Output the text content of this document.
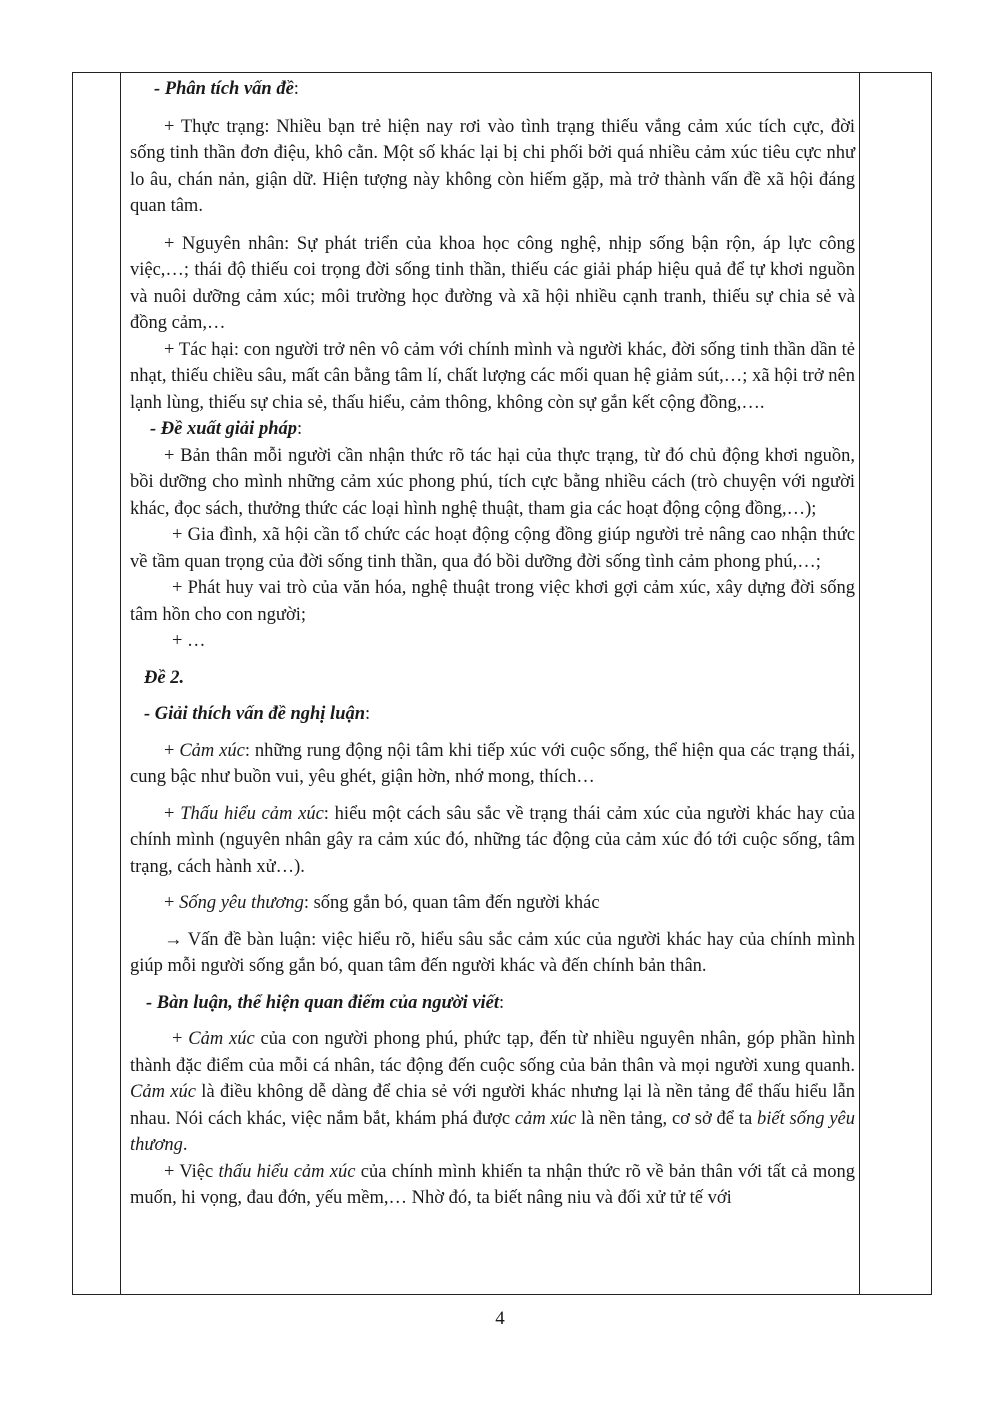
- Phân tích vấn đề:

+ Thực trạng: Nhiều bạn trẻ hiện nay rơi vào tình trạng thiếu vắng cảm xúc tích cực, đời sống tinh thần đơn điệu, khô cằn. Một số khác lại bị chi phối bởi quá nhiều cảm xúc tiêu cực như lo âu, chán nản, giận dữ. Hiện tượng này không còn hiếm gặp, mà trở thành vấn đề xã hội đáng quan tâm.

+ Nguyên nhân: Sự phát triển của khoa học công nghệ, nhịp sống bận rộn, áp lực công việc,…; thái độ thiếu coi trọng đời sống tinh thần, thiếu các giải pháp hiệu quả để tự khơi nguồn và nuôi dưỡng cảm xúc; môi trường học đường và xã hội nhiều cạnh tranh, thiếu sự chia sẻ và đồng cảm,…

+ Tác hại: con người trở nên vô cảm với chính mình và người khác, đời sống tinh thần dần tẻ nhạt, thiếu chiều sâu, mất cân bằng tâm lí, chất lượng các mối quan hệ giảm sút,…; xã hội trở nên lạnh lùng, thiếu sự chia sẻ, thấu hiểu, cảm thông, không còn sự gắn kết cộng đồng,….

- Đề xuất giải pháp:

+ Bản thân mỗi người cần nhận thức rõ tác hại của thực trạng, từ đó chủ động khơi nguồn, bồi dưỡng cho mình những cảm xúc phong phú, tích cực bằng nhiều cách (trò chuyện với người khác, đọc sách, thưởng thức các loại hình nghệ thuật, tham gia các hoạt động cộng đồng,…);

+ Gia đình, xã hội cần tổ chức các hoạt động cộng đồng giúp người trẻ nâng cao nhận thức về tầm quan trọng của đời sống tinh thần, qua đó bồi dưỡng đời sống tình cảm phong phú,…;

+ Phát huy vai trò của văn hóa, nghệ thuật trong việc khơi gợi cảm xúc, xây dựng đời sống tâm hồn cho con người;

+ …

Đề 2.

- Giải thích vấn đề nghị luận:

+ Cảm xúc: những rung động nội tâm khi tiếp xúc với cuộc sống, thể hiện qua các trạng thái, cung bậc như buồn vui, yêu ghét, giận hờn, nhớ mong, thích…

+ Thấu hiểu cảm xúc: hiểu một cách sâu sắc về trạng thái cảm xúc của người khác hay của chính mình (nguyên nhân gây ra cảm xúc đó, những tác động của cảm xúc đó tới cuộc sống, tâm trạng, cách hành xử…).

+ Sống yêu thương: sống gắn bó, quan tâm đến người khác

→ Vấn đề bàn luận: việc hiểu rõ, hiểu sâu sắc cảm xúc của người khác hay của chính mình giúp mỗi người sống gắn bó, quan tâm đến người khác và đến chính bản thân.

- Bàn luận, thể hiện quan điểm của người viết:

+ Cảm xúc của con người phong phú, phức tạp, đến từ nhiều nguyên nhân, góp phần hình thành đặc điểm của mỗi cá nhân, tác động đến cuộc sống của bản thân và mọi người xung quanh. Cảm xúc là điều không dễ dàng để chia sẻ với người khác nhưng lại là nền tảng để thấu hiểu lẫn nhau. Nói cách khác, việc nắm bắt, khám phá được cảm xúc là nền tảng, cơ sở để ta biết sống yêu thương.

+ Việc thấu hiểu cảm xúc của chính mình khiến ta nhận thức rõ về bản thân với tất cả mong muốn, hi vọng, đau đớn, yếu mềm,… Nhờ đó, ta biết nâng niu và đối xử tử tế với

4
